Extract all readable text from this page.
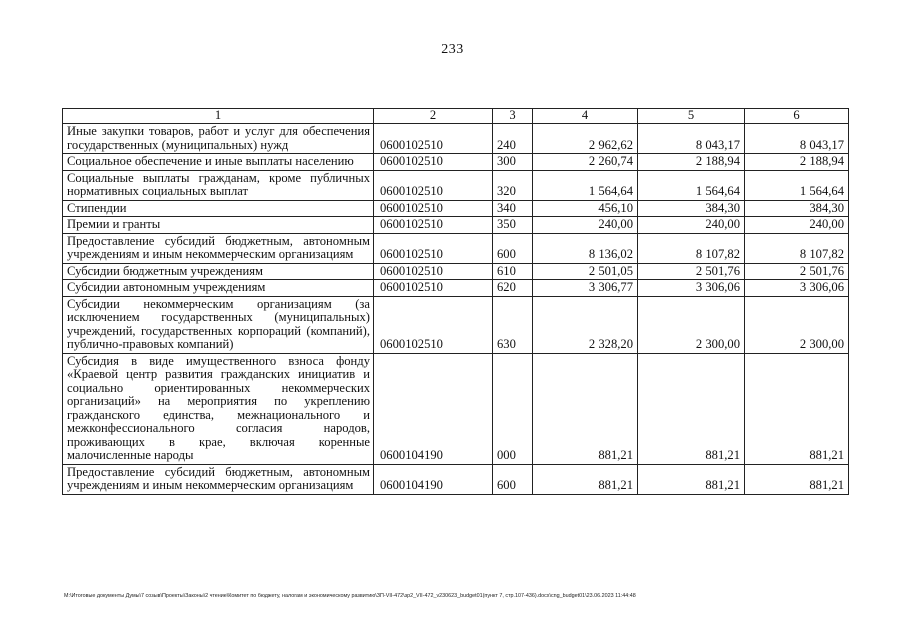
233
1	2	3	4	5	6
Иные закупки товаров, работ и услуг для обеспечения государственных (муниципальных) нужд	0600102510	240	2 962,62	8 043,17	8 043,17
Социальное обеспечение и иные выплаты населению	0600102510	300	2 260,74	2 188,94	2 188,94
Социальные выплаты гражданам, кроме публичных нормативных социальных выплат	0600102510	320	1 564,64	1 564,64	1 564,64
Стипендии	0600102510	340	456,10	384,30	384,30
Премии и гранты	0600102510	350	240,00	240,00	240,00
Предоставление субсидий бюджетным, автономным учреждениям и иным некоммерческим организациям	0600102510	600	8 136,02	8 107,82	8 107,82
Субсидии бюджетным учреждениям	0600102510	610	2 501,05	2 501,76	2 501,76
Субсидии автономным учреждениям	0600102510	620	3 306,77	3 306,06	3 306,06
Субсидии некоммерческим организациям (за исключением государственных (муниципальных) учреждений, государственных корпораций (компаний), публично-правовых компаний)	0600102510	630	2 328,20	2 300,00	2 300,00
Субсидия в виде имущественного взноса фонду «Краевой центр развития гражданских инициатив и социально ориентированных некоммерческих организаций» на мероприятия по укреплению гражданского единства, межнационального и межконфессионального согласия народов, проживающих в крае, включая коренные малочисленные народы	0600104190	000	881,21	881,21	881,21
Предоставление субсидий бюджетным, автономным учреждениям и иным некоммерческим организациям	0600104190	600	881,21	881,21	881,21
M:\Итоговые документы Думы\7 созыв\Проекты\Законы\2 чтение\Комитет по бюджету, налогам и экономическому развитию\ЗП-VII-472\зр2_VII-472_v230623_budget01(пункт 7, стр.107-436).docx\cng_budget01\23.06.2023 11:44:48
